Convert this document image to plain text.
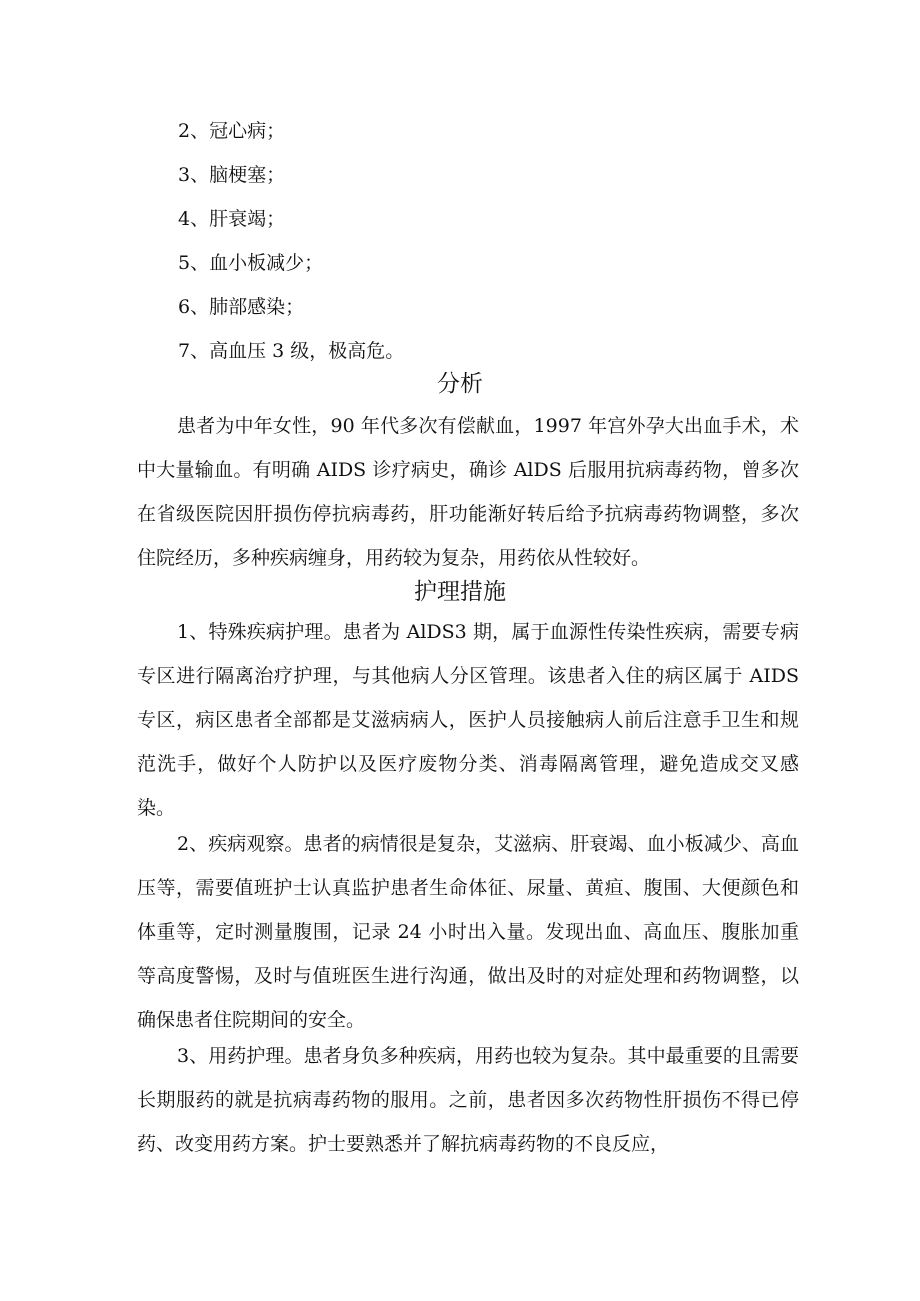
2、冠心病；
3、脑梗塞；
4、肝衰竭；
5、血小板减少；
6、肺部感染；
7、高血压 3 级，极高危。
分析
患者为中年女性，90 年代多次有偿献血，1997 年宫外孕大出血手术，术中大量输血。有明确 AIDS 诊疗病史，确诊 AlDS 后服用抗病毒药物，曾多次在省级医院因肝损伤停抗病毒药，肝功能渐好转后给予抗病毒药物调整，多次住院经历，多种疾病缠身，用药较为复杂，用药依从性较好。
护理措施
1、特殊疾病护理。患者为 AlDS3 期，属于血源性传染性疾病，需要专病专区进行隔离治疗护理，与其他病人分区管理。该患者入住的病区属于 AIDS 专区，病区患者全部都是艾滋病病人，医护人员接触病人前后注意手卫生和规范洗手，做好个人防护以及医疗废物分类、消毒隔离管理，避免造成交叉感染。
2、疾病观察。患者的病情很是复杂，艾滋病、肝衰竭、血小板减少、高血压等，需要值班护士认真监护患者生命体征、尿量、黄疸、腹围、大便颜色和体重等，定时测量腹围，记录 24 小时出入量。发现出血、高血压、腹胀加重等高度警惕，及时与值班医生进行沟通，做出及时的对症处理和药物调整，以确保患者住院期间的安全。
3、用药护理。患者身负多种疾病，用药也较为复杂。其中最重要的且需要长期服药的就是抗病毒药物的服用。之前，患者因多次药物性肝损伤不得已停药、改变用药方案。护士要熟悉并了解抗病毒药物的不良反应，
